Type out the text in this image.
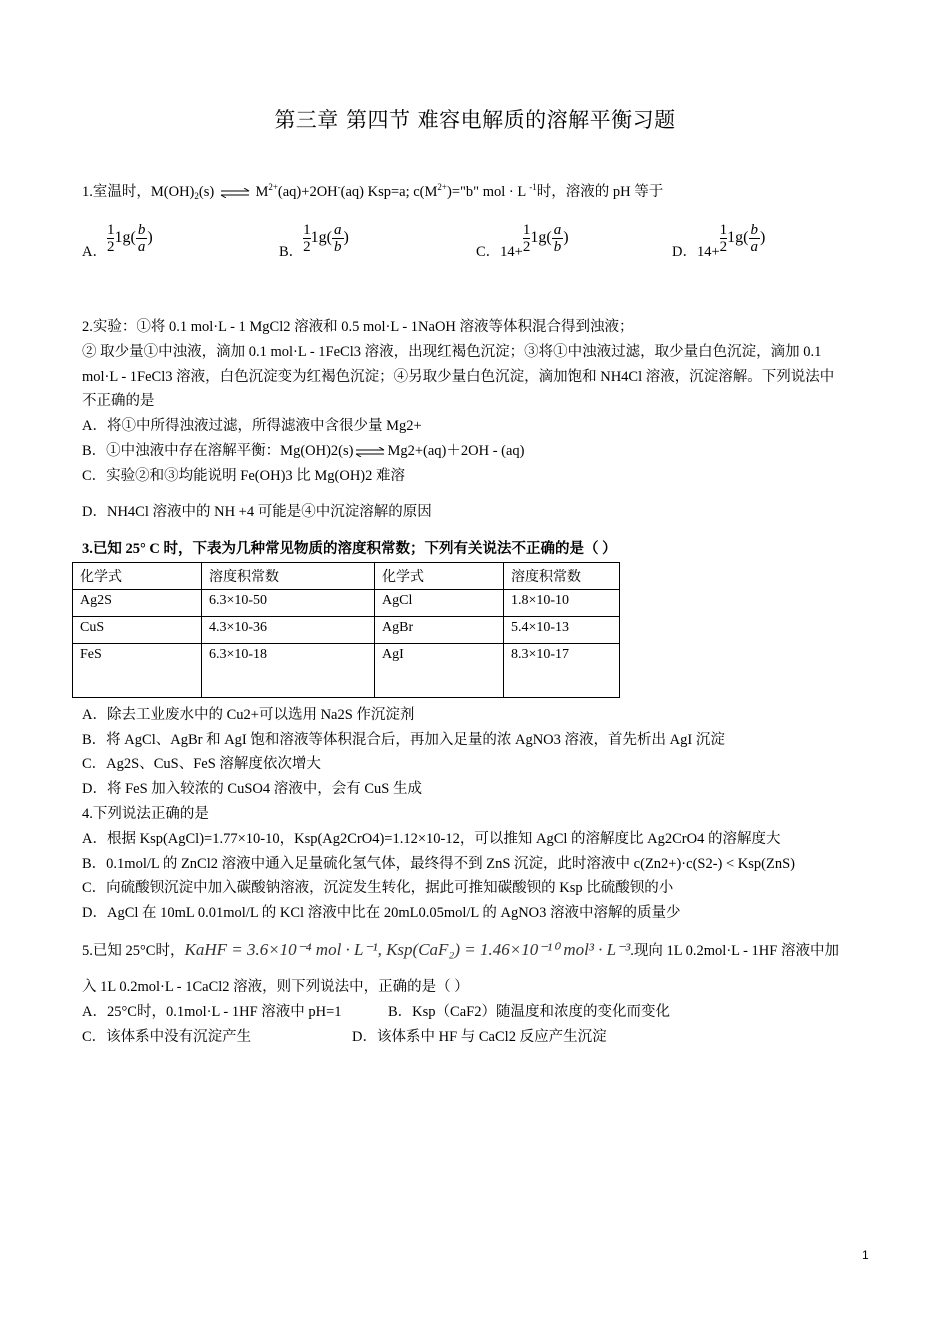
第三章 第四节 难容电解质的溶解平衡习题
1.室温时，$M(OH)_2(s)$ ⇌ $M^{2+}(aq)+2OH^-(aq)$ Ksp=a; $c(M^{2+})="b$" mol · L $^{-1}$时，溶液的 pH 等于
A． $\frac{1}{2} 1g( \frac{b}{a}$ )
B． $\frac{1}{2} 1g( \frac{a}{b}$ )
C．$14+ \frac{1}{2} 1g( \frac{a}{b}$ )
D．$14+ \frac{1}{2} 1g( \frac{b}{a}$ )
2.实验：①将 0.1 mol·L - 1 MgCl2 溶液和 0.5 mol·L - 1NaOH 溶液等体积混合得到浊液；
② 取少量①中浊液，滴加 0.1 mol·L - 1FeCl3 溶液，出现红褐色沉淀；③将①中浊液过滤，取少量白色沉淀，滴加 0.1
mol·L - 1FeCl3 溶液，白色沉淀变为红褐色沉淀；④另取少量白色沉淀，滴加饱和 NH4Cl 溶液，沉淀溶解。下列说法中
不正确的是
A．将①中所得浊液过滤，所得滤液中含很少量 Mg2+
B．①中浊液中存在溶解平衡：Mg(OH)2(s) ⇌ Mg2+(aq)＋2OH - (aq)
C．实验②和③均能说明 Fe(OH)3 比 Mg(OH)2 难溶
D．NH4Cl 溶液中的 NH +4 可能是④中沉淀溶解的原因
3.已知 25° C 时，下表为几种常见物质的溶度积常数；下列有关说法不正确的是（ ）
化学式	溶度积常数	化学式	溶度积常数
Ag2S	6.3×10-50	AgCl	1.8×10-10
CuS	4.3×10-36	AgBr	5.4×10-13
FeS	6.3×10-18	AgI	8.3×10-17
A．除去工业废水中的 Cu2+可以选用 Na2S 作沉淀剂
B．将 AgCl、AgBr 和 AgI 饱和溶液等体积混合后，再加入足量的浓 AgNO3 溶液，首先析出 AgI 沉淀
C．Ag2S、CuS、FeS 溶解度依次增大
D．将 FeS 加入较浓的 CuSO4 溶液中，会有 CuS 生成
4.下列说法正确的是
A．根据 Ksp(AgCl)=1.77×10-10，Ksp(Ag2CrO4)=1.12×10-12，可以推知 AgCl 的溶解度比 Ag2CrO4 的溶解度大
B．0.1mol/L 的 ZnCl2 溶液中通入足量硫化氢气体，最终得不到 ZnS 沉淀，此时溶液中 c(Zn2+)·c(S2-) < Ksp(ZnS)
C．向硫酸钡沉淀中加入碳酸钠溶液，沉淀发生转化，据此可推知碳酸钡的 Ksp 比硫酸钡的小
D．AgCl 在 10mL 0.01mol/L 的 KCl 溶液中比在 20mL0.05mol/L 的 AgNO3 溶液中溶解的质量少
5.已知 25°C时，KaHF = 3.6×10⁻⁴ mol · L⁻¹, Ksp(CaF₂) = 1.46×10⁻¹⁰ mol³ · L⁻³.现向 1L 0.2mol·L - 1HF 溶液中加
入 1L 0.2mol·L - 1CaCl2 溶液，则下列说法中，正确的是（ ）
A．25°C时，0.1mol·L - 1HF 溶液中 pH=1	B．Ksp（CaF2）随温度和浓度的变化而变化
C．该体系中没有沉淀产生	D．该体系中 HF 与 CaCl2 反应产生沉淀
1
